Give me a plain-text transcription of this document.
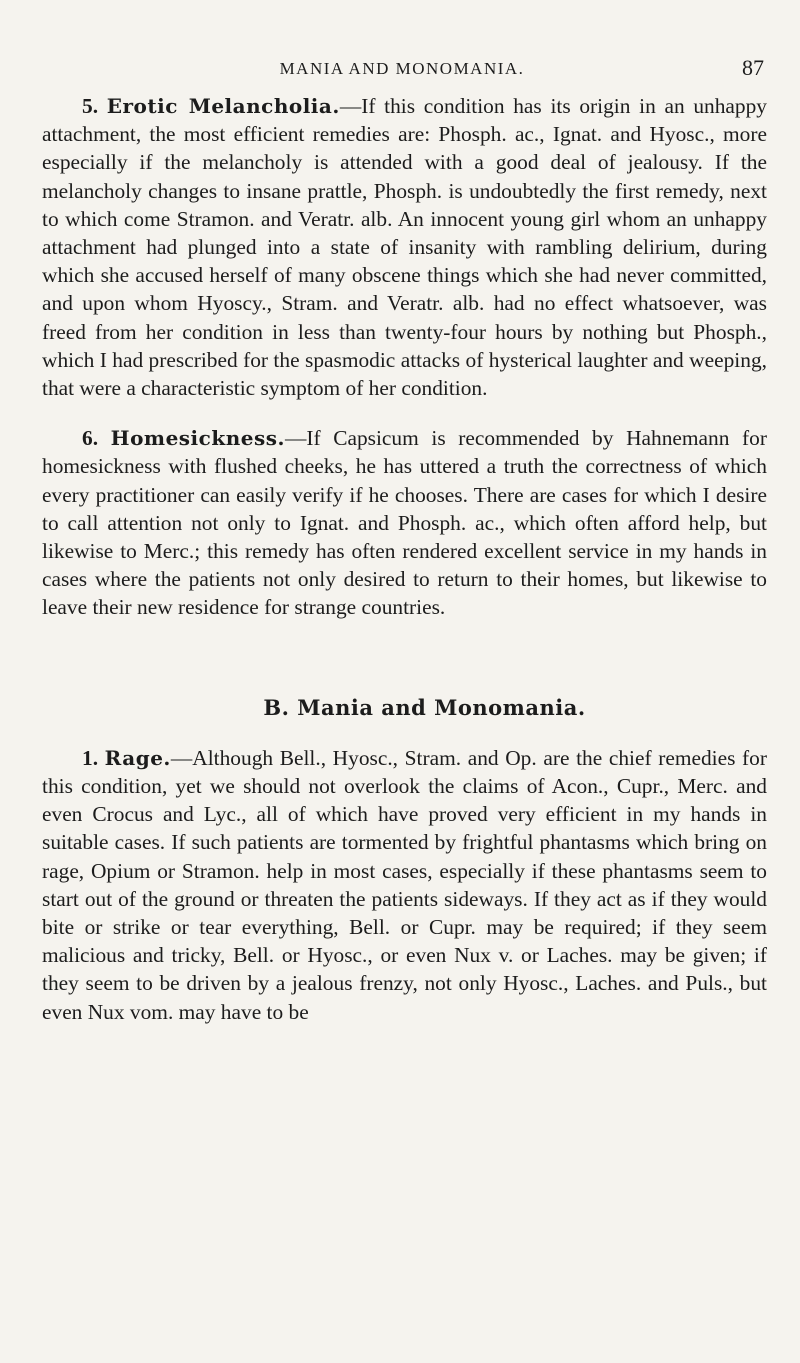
MANIA AND MONOMANIA.	87

5. Erotic Melancholia.—If this condition has its origin in an unhappy attachment, the most efficient remedies are: Phosph. ac., Ignat. and Hyosc., more especially if the melancholy is attended with a good deal of jealousy. If the melancholy changes to insane prattle, Phosph. is undoubtedly the first remedy, next to which come Stramon. and Veratr. alb. An innocent young girl whom an unhappy attachment had plunged into a state of insanity with rambling delirium, during which she accused herself of many obscene things which she had never committed, and upon whom Hyoscy., Stram. and Veratr. alb. had no effect whatsoever, was freed from her condition in less than twenty-four hours by nothing but Phosph., which I had prescribed for the spasmodic attacks of hysterical laughter and weeping, that were a characteristic symptom of her condition.

6. Homesickness.—If Capsicum is recommended by Hahnemann for homesickness with flushed cheeks, he has uttered a truth the correctness of which every practitioner can easily verify if he chooses. There are cases for which I desire to call attention not only to Ignat. and Phosph. ac., which often afford help, but likewise to Merc.; this remedy has often rendered excellent service in my hands in cases where the patients not only desired to return to their homes, but likewise to leave their new residence for strange countries.

B. Mania and Monomania.

1. Rage.—Although Bell., Hyosc., Stram. and Op. are the chief remedies for this condition, yet we should not overlook the claims of Acon., Cupr., Merc. and even Crocus and Lyc., all of which have proved very efficient in my hands in suitable cases. If such patients are tormented by frightful phantasms which bring on rage, Opium or Stramon. help in most cases, especially if these phantasms seem to start out of the ground or threaten the patients sideways. If they act as if they would bite or strike or tear everything, Bell. or Cupr. may be required; if they seem malicious and tricky, Bell. or Hyosc., or even Nux v. or Laches. may be given; if they seem to be driven by a jealous frenzy, not only Hyosc., Laches. and Puls., but even Nux vom. may have to be
